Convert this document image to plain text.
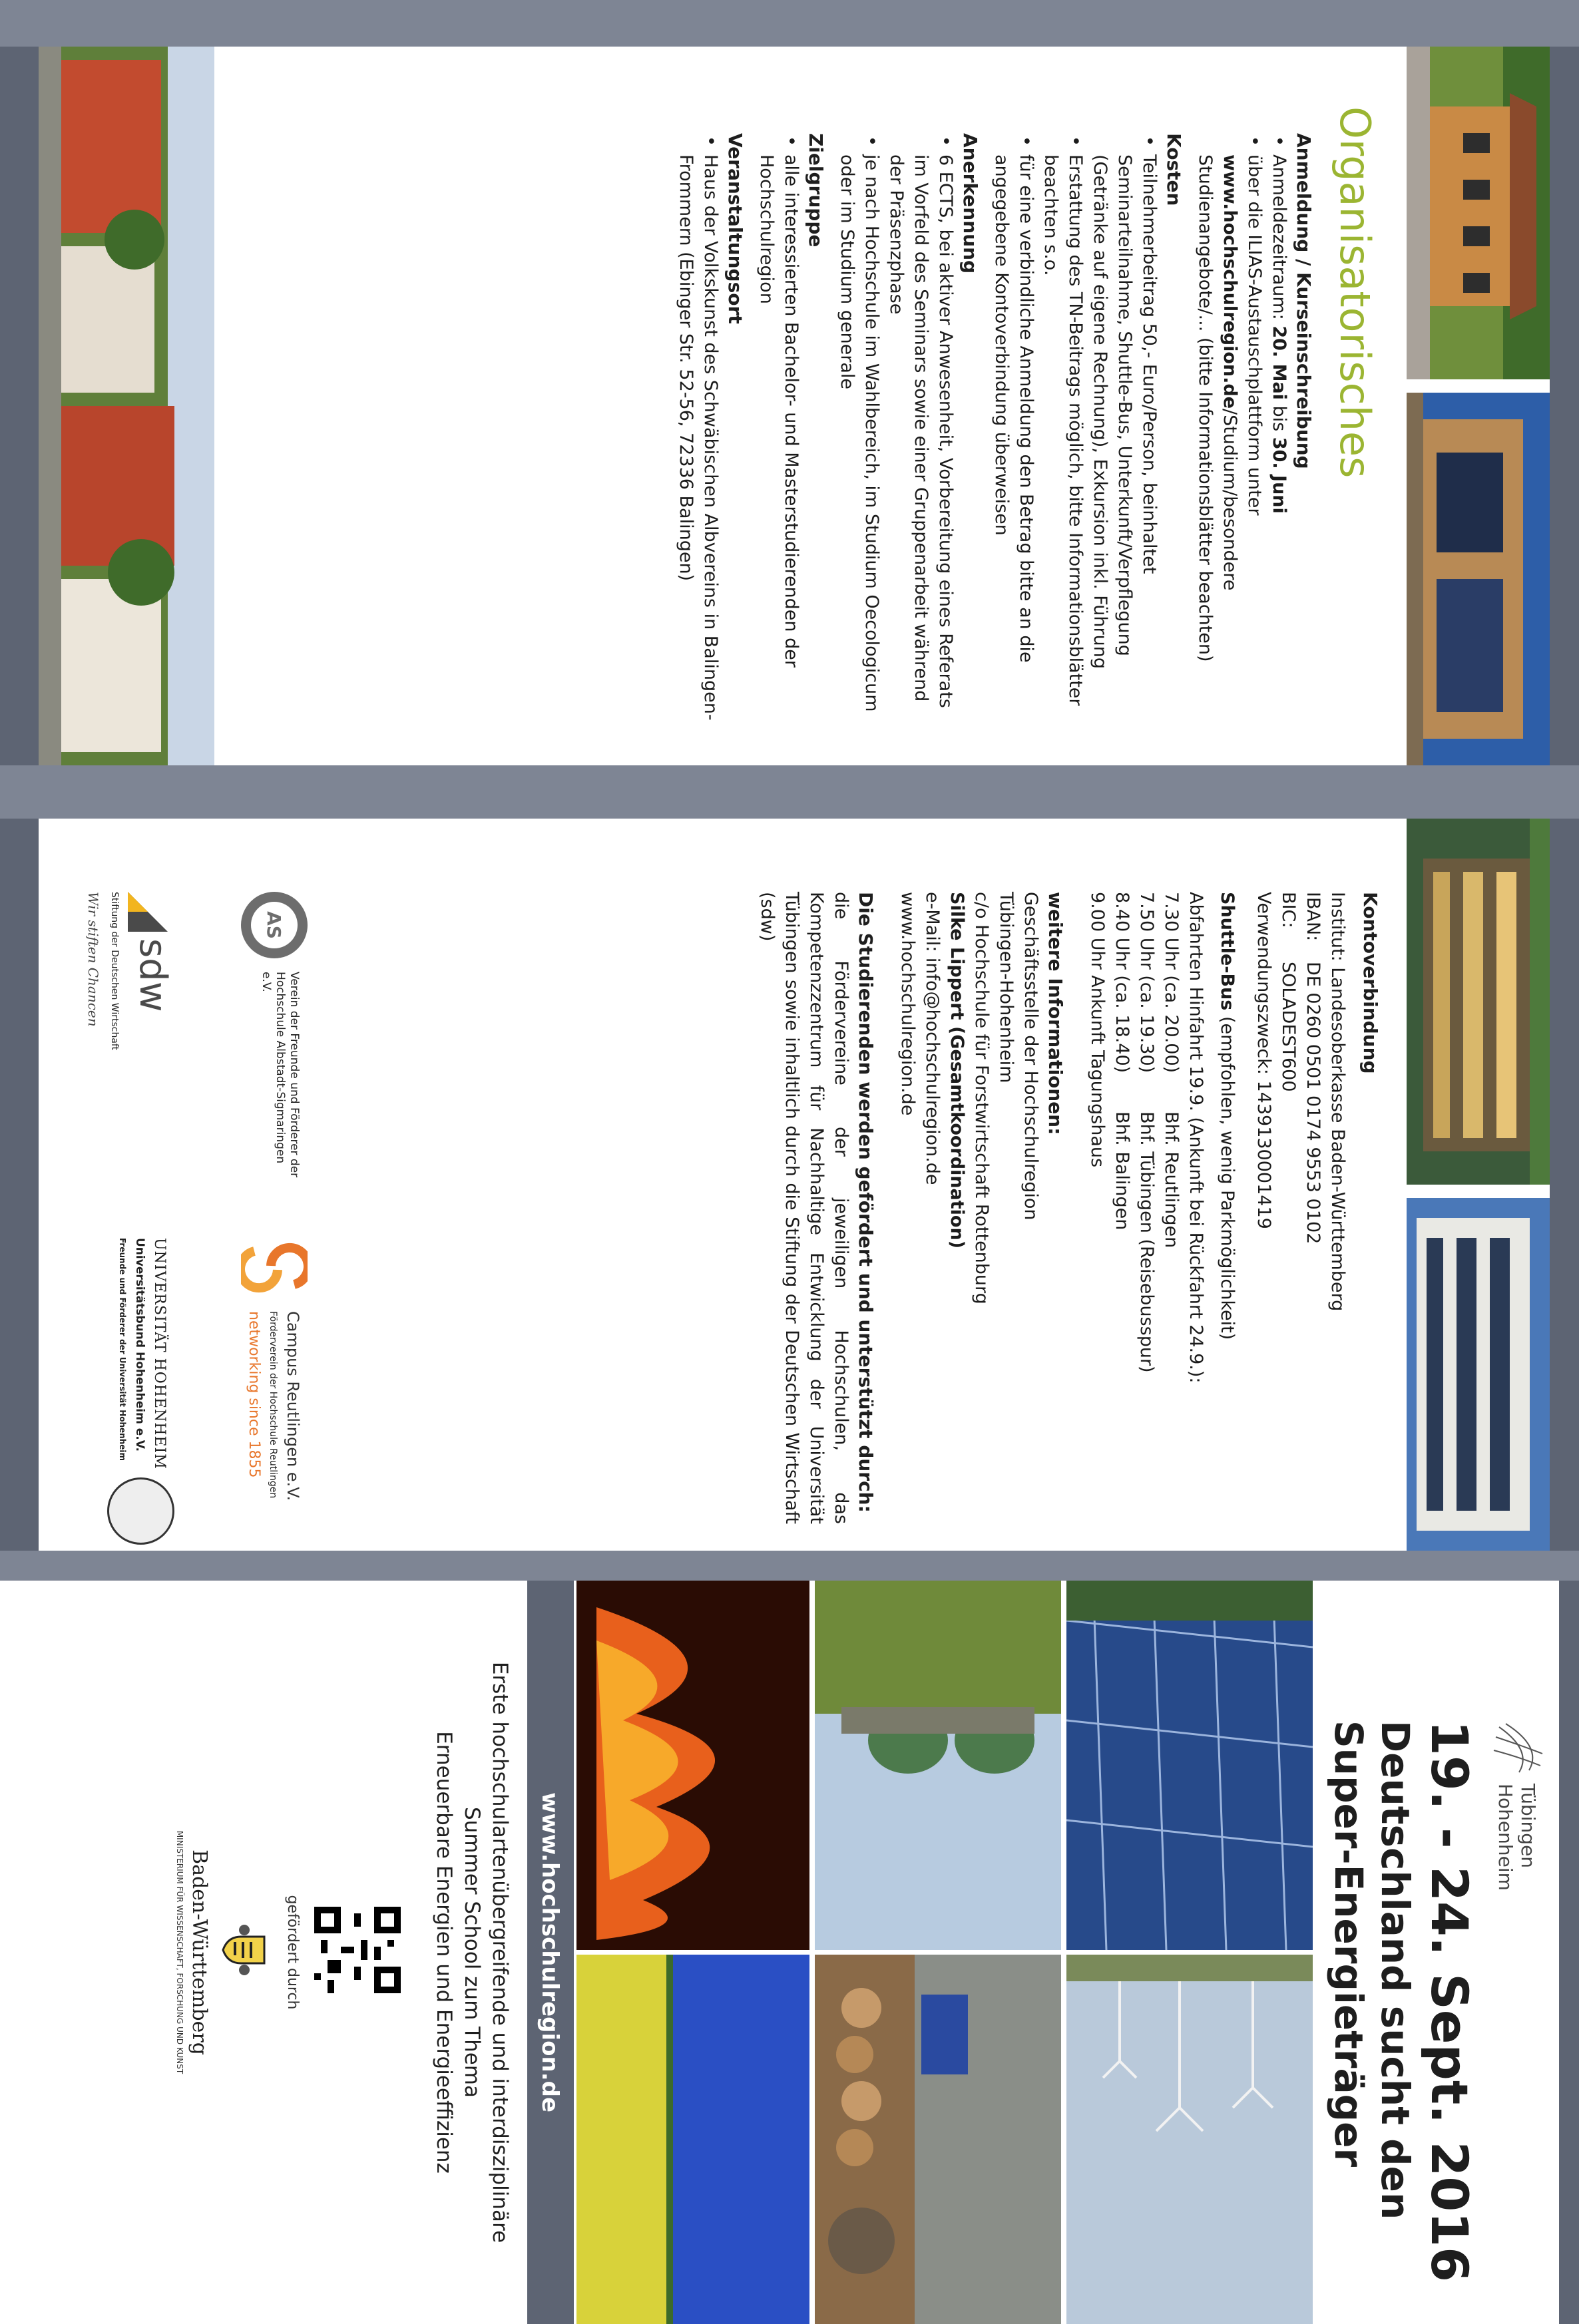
Organisatorisches
Anmeldung / Kurseinschreibung
• Anmeldezeitraum: 20. Mai bis 30. Juni
• über die ILIAS-Austauschplattform unter www.hochschulregion.de/Studium/besondere Studienangebote/... (bitte Informationsblätter beachten)
Kosten
• Teilnehmerbeitrag 50,- Euro/Person, beinhaltet Seminarteilnahme, Shuttle-Bus, Unterkunft/Verpflegung (Getränke auf eigene Rechnung), Exkursion inkl. Führung
• Erstattung des TN-Beitrags möglich, bitte Informationsblätter beachten s.o.
• für eine verbindliche Anmeldung den Betrag bitte an die angegebene Kontoverbindung überweisen
Anerkennung
• 6 ECTS, bei aktiver Anwesenheit, Vorbereitung eines Referats im Vorfeld des Seminars sowie einer Gruppenarbeit während der Präsenzphase
• je nach Hochschule im Wahlbereich, im Studium Oecologicum oder im Studium generale
Zielgruppe
• alle interessierten Bachelor- und Masterstudierenden der Hochschulregion
Veranstaltungsort
• Haus der Volkskunst des Schwäbischen Albvereins in Balingen-Frommern (Ebinger Str. 52-56, 72336 Balingen)
Kontoverbindung
Institut: Landesoberkasse Baden-Württemberg
IBAN:DE 0260 0501 0174 9553 0102
BIC:SOLADEST600
Verwendungszweck: 1439130001419
Shuttle-Bus (empfohlen, wenig Parkmöglichkeit)
Abfahrten Hinfahrt 19.9. (Ankunft bei Rückfahrt 24.9.):
7.30 Uhr (ca. 20.00)Bhf. Reutlingen
7.50 Uhr (ca. 19.30)Bhf. Tübingen (Reisebusspur)
8.40 Uhr (ca. 18.40)Bhf. Balingen
9.00 Uhr Ankunft Tagungshaus
weitere Informationen:
Geschäftsstelle der Hochschulregion
Tübingen-Hohenheim
c/o Hochschule für Forstwirtschaft Rottenburg
Silke Lippert (Gesamtkoordination)
e-Mail: info@hochschulregion.de
www.hochschulregion.de
Die Studierenden werden gefördert und unterstützt durch:
die Fördervereine der jeweiligen Hochschulen, das Kompetenzzentrum für Nachhaltige Entwicklung der Universität Tübingen sowie inhaltlich durch die Stiftung der Deutschen Wirtschaft (sdw)
AS
Verein der Freunde und Förderer der Hochschule Albstadt-Sigmaringen e.V.
Campus Reutlingen e.V.
Förderverein der Hochschule Reutlingen
networking since 1855
sdw
Stiftung der Deutschen Wirtschaft
Wir stiften Chancen
UNIVERSITÄT HOHENHEIM
Universitätsbund Hohenheim e.V.
Freunde und Förderer der Universität Hohenheim
Tübingen
Hohenheim
19. - 24. Sept. 2016
Deutschland sucht den
Super-Energieträger
www.hochschulregion.de
Erste hochschulartenübergreifende und interdisziplinäre
Summer School zum Thema
Erneuerbare Energien und Energieeffizienz
gefördert durch
Baden-Württemberg
MINISTERIUM FÜR WISSENSCHAFT, FORSCHUNG UND KUNST
